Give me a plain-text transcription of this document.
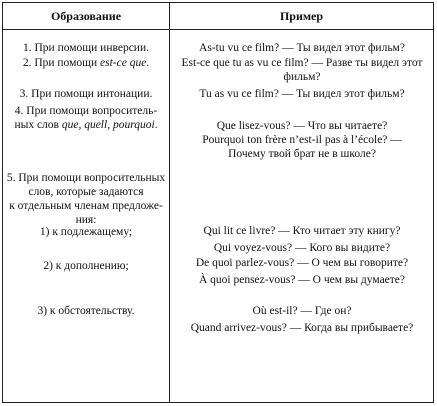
Образование	Пример
1. При помощи инверсии.
2. При помощи est-ce que.
3. При помощи интонации.
4. При помощи вопроситель-
ных слов que, quell, pourquoi.
5. При помощи вопросительных
слов, которые задаются
к отдельным членам предложе-
ния:
1) к подлежащему;
2) к дополнению;
3) к обстоятельству.
As-tu vu ce film? — Ты видел этот фильм?
Est-ce que tu as vu ce film? — Разве ты видел этот
фильм?
Tu as vu ce film? — Ты видел этот фильм?
Que lisez-vous? — Что вы читаете?
Pourquoi ton frère n’est-il pas à l’école? —
Почему твой брат не в школе?
Qui lit ce livre? — Кто читает эту книгу?
Qui voyez-vous? — Кого вы видите?
De quoi parlez-vous? — О чем вы говорите?
À quoi pensez-vous? — О чем вы думаете?
Où est-il? — Где он?
Quand arrivez-vous? — Когда вы прибываете?
